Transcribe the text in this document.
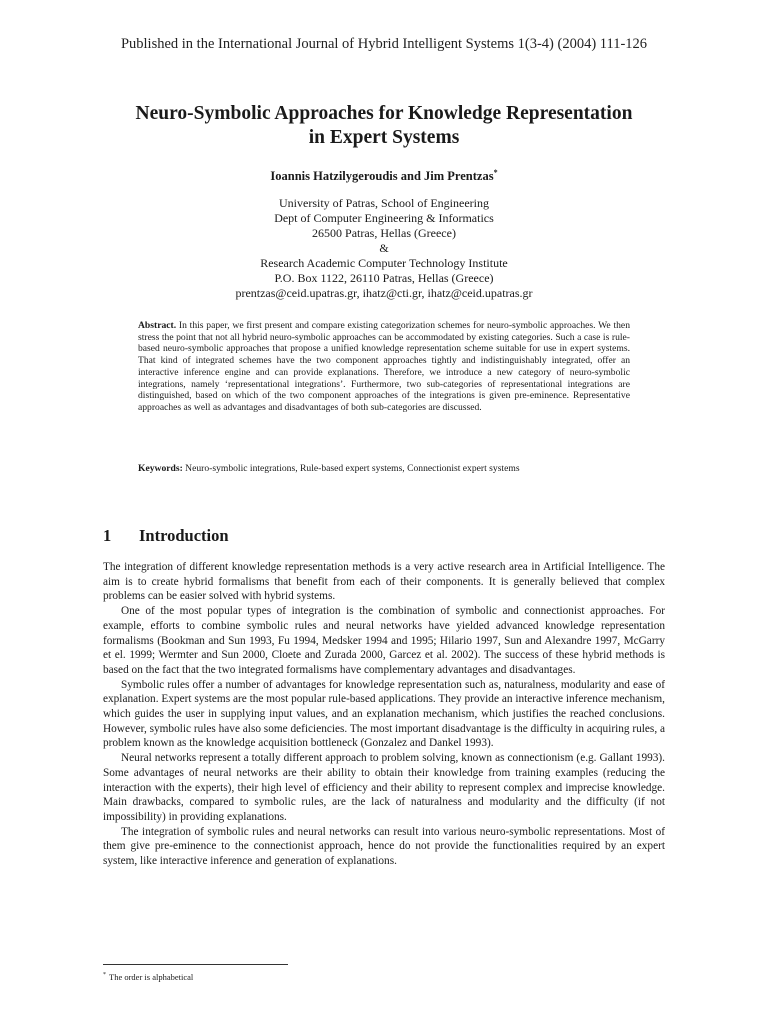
Published in the International Journal of Hybrid Intelligent Systems 1(3-4) (2004) 111-126
Neuro-Symbolic Approaches for Knowledge Representation
in Expert Systems
Ioannis Hatzilygeroudis and Jim Prentzas*
University of Patras, School of Engineering
Dept of Computer Engineering & Informatics
26500 Patras, Hellas (Greece)
&
Research Academic Computer Technology Institute
P.O. Box 1122, 26110 Patras, Hellas (Greece)
prentzas@ceid.upatras.gr, ihatz@cti.gr, ihatz@ceid.upatras.gr
Abstract. In this paper, we first present and compare existing categorization schemes for neuro-symbolic approaches. We then stress the point that not all hybrid neuro-symbolic approaches can be accommodated by existing categories. Such a case is rule-based neuro-symbolic approaches that propose a unified knowledge representation scheme suitable for use in expert systems. That kind of integrated schemes have the two component approaches tightly and indistinguishably integrated, offer an interactive inference engine and can provide explanations. Therefore, we introduce a new category of neuro-symbolic integrations, namely ‘representational integrations’. Furthermore, two sub-categories of representational integrations are distinguished, based on which of the two component approaches of the integrations is given pre-eminence. Representative approaches as well as advantages and disadvantages of both sub-categories are discussed.
Keywords: Neuro-symbolic integrations, Rule-based expert systems, Connectionist expert systems
1 Introduction

The integration of different knowledge representation methods is a very active research area in Artificial Intelligence. The aim is to create hybrid formalisms that benefit from each of their components. It is generally believed that complex problems can be easier solved with hybrid systems.

One of the most popular types of integration is the combination of symbolic and connectionist approaches. For example, efforts to combine symbolic rules and neural networks have yielded advanced knowledge representation formalisms (Bookman and Sun 1993, Fu 1994, Medsker 1994 and 1995; Hilario 1997, Sun and Alexandre 1997, McGarry et el. 1999; Wermter and Sun 2000, Cloete and Zurada 2000, Garcez et al. 2002). The success of these hybrid methods is based on the fact that the two integrated formalisms have complementary advantages and disadvantages.

Symbolic rules offer a number of advantages for knowledge representation such as, naturalness, modularity and ease of explanation. Expert systems are the most popular rule-based applications. They provide an interactive inference mechanism, which guides the user in supplying input values, and an explanation mechanism, which justifies the reached conclusions. However, symbolic rules have also some deficiencies. The most important disadvantage is the difficulty in acquiring rules, a problem known as the knowledge acquisition bottleneck (Gonzalez and Dankel 1993).

Neural networks represent a totally different approach to problem solving, known as connectionism (e.g. Gallant 1993). Some advantages of neural networks are their ability to obtain their knowledge from training examples (reducing the interaction with the experts), their high level of efficiency and their ability to represent complex and imprecise knowledge. Main drawbacks, compared to symbolic rules, are the lack of naturalness and modularity and the difficulty (if not impossibility) in providing explanations.

The integration of symbolic rules and neural networks can result into various neuro-symbolic representations. Most of them give pre-eminence to the connectionist approach, hence do not provide the functionalities required by an expert system, like interactive inference and generation of explanations.

* The order is alphabetical
